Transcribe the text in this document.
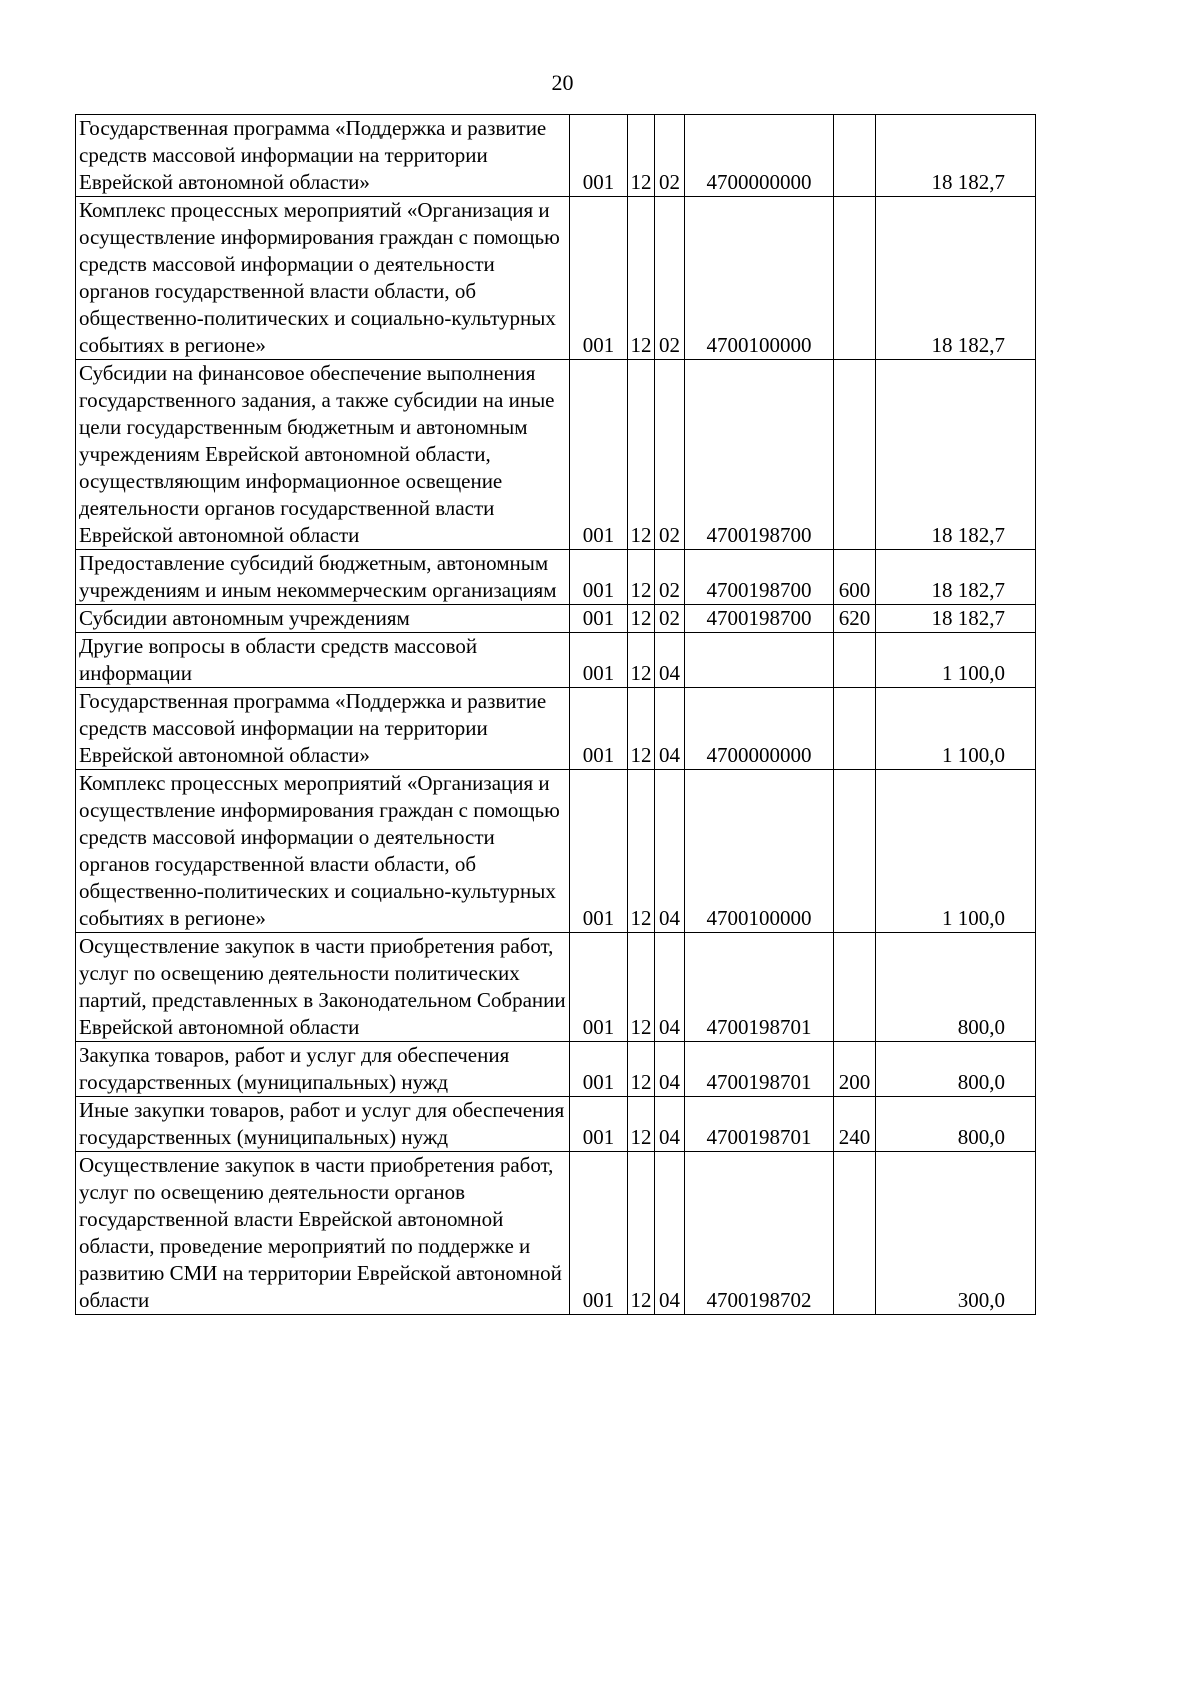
20
Государственная программа «Поддержка и развитие средств массовой информации на территории Еврейской автономной области»	001	12	02	4700000000		18 182,7
Комплекс процессных мероприятий «Организация и осуществление информирования граждан с помощью средств массовой информации о деятельности органов государственной власти области, об общественно-политических и социально-культурных событиях в регионе»	001	12	02	4700100000		18 182,7
Субсидии на финансовое обеспечение выполнения государственного задания, а также субсидии на иные цели государственным бюджетным и автономным учреждениям Еврейской автономной области, осуществляющим информационное освещение деятельности органов государственной власти Еврейской автономной области	001	12	02	4700198700		18 182,7
Предоставление субсидий бюджетным, автономным учреждениям и иным некоммерческим организациям	001	12	02	4700198700	600	18 182,7
Субсидии автономным учреждениям	001	12	02	4700198700	620	18 182,7
Другие вопросы в области средств массовой информации	001	12	04			1 100,0
Государственная программа «Поддержка и развитие средств массовой информации на территории Еврейской автономной области»	001	12	04	4700000000		1 100,0
Комплекс процессных мероприятий «Организация и осуществление информирования граждан с помощью средств массовой информации о деятельности органов государственной власти области, об общественно-политических и социально-культурных событиях в регионе»	001	12	04	4700100000		1 100,0
Осуществление закупок в части приобретения работ, услуг по освещению деятельности политических партий, представленных в Законодательном Собрании Еврейской автономной области	001	12	04	4700198701		800,0
Закупка товаров, работ и услуг для обеспечения государственных (муниципальных) нужд	001	12	04	4700198701	200	800,0
Иные закупки товаров, работ и услуг для обеспечения государственных (муниципальных) нужд	001	12	04	4700198701	240	800,0
Осуществление закупок в части приобретения работ, услуг по освещению деятельности органов государственной власти Еврейской автономной области, проведение мероприятий по поддержке и развитию СМИ на территории Еврейской автономной области	001	12	04	4700198702		300,0
